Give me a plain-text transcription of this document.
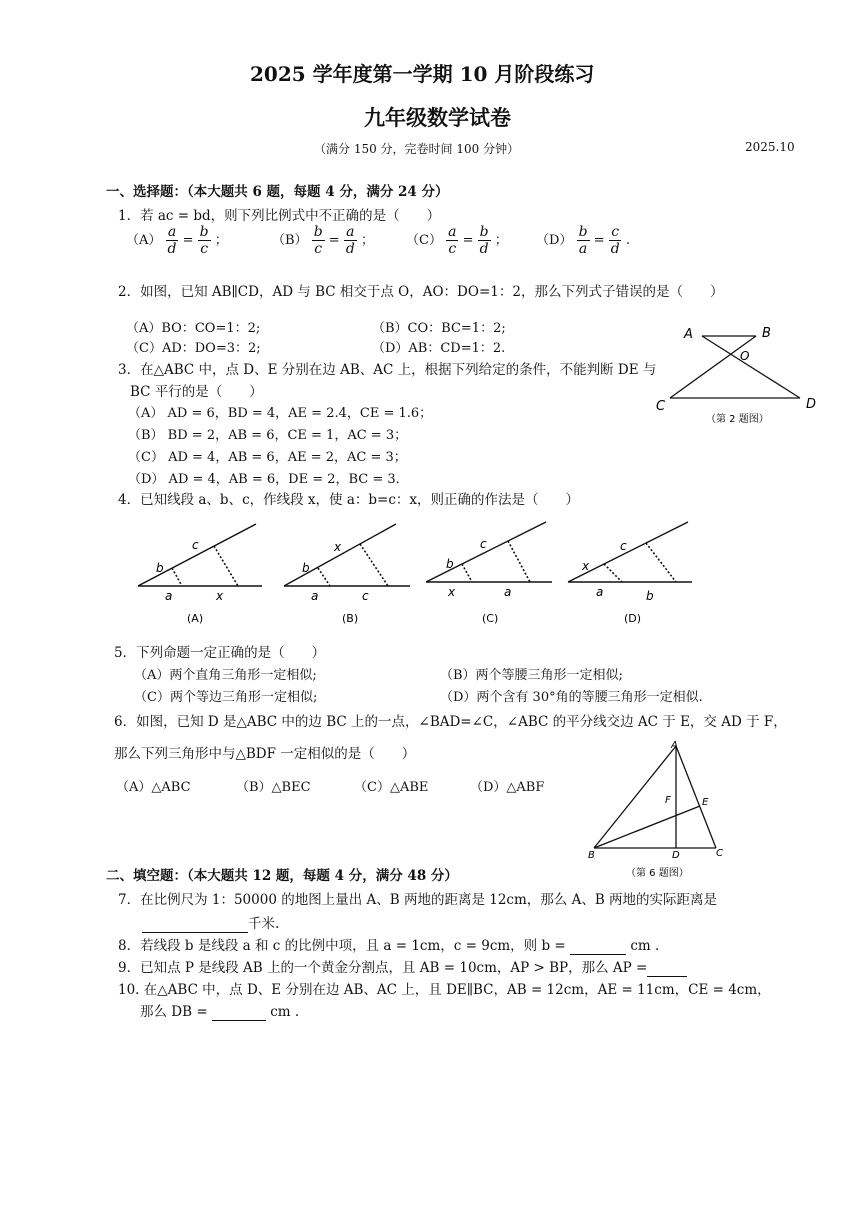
2025 学年度第一学期 10 月阶段练习
九年级数学试卷
（满分 150 分，完卷时间 100 分钟）	2025.10
一、选择题：（本大题共 6 题，每题 4 分，满分 24 分）
1．若 ac = bd，则下列比例式中不正确的是（　　）
$(A) \frac{a}{d} = \frac{b}{c}$ ；	$(B) \frac{b}{c} = \frac{a}{d}$ ； $(C) \frac{a}{c} = \frac{b}{d}$ ； $(D) \frac{b}{a} = \frac{c}{d}$ .
2．如图，已知 AB∥CD，AD 与 BC 相交于点 O，AO：DO=1：2，那么下列式子错误的是（　　）
（A）BO：CO=1：2;	（B）CO：BC=1：2;
（C）AD：DO=3：2;	（D）AB：CD=1：2.
A	B
O
C	D
（第 2 题图）
3．在△ABC 中，点 D、E 分别在边 AB、AC 上，根据下列给定的条件，不能判断 DE 与
BC 平行的是（　　）
（A） AD = 6，BD = 4，AE = 2.4，CE = 1.6；
（B） BD = 2，AB = 6，CE = 1，AC = 3；
（C） AD = 4，AB = 6，AE = 2，AC = 3；
（D） AD = 4，AB = 6，DE = 2，BC = 3．
4．已知线段 a、b、c，作线段 x，使 a：b=c：x，则正确的作法是（　　）
b
c
a	x
(A)
b
x
a	c
(B)
b
c
x	a
(C)
x
c
a	b
(D)
5．下列命题一定正确的是（　　）
（A）两个直角三角形一定相似;	（B）两个等腰三角形一定相似;
（C）两个等边三角形一定相似;	（D）两个含有 30°角的等腰三角形一定相似.
6．如图，已知 D 是△ABC 中的边 BC 上的一点，∠BAD=∠C，∠ABC 的平分线交边 AC 于 E，交 AD 于 F，
那么下列三角形中与△BDF 一定相似的是（　　）
（A）△ABC	（B）△BEC	（C）△ABE	（D）△ABF
A
F	E
B	D	C
（第 6 题图）
二、填空题：（本大题共 12 题，每题 4 分，满分 48 分）
7．在比例尺为 1：50000 的地图上量出 A、B 两地的距离是 12cm，那么 A、B 两地的实际距离是
千米.
8．若线段 b 是线段 a 和 c 的比例中项，且 a = 1cm，c = 9cm，则 b =	cm .
9．已知点 P 是线段 AB 上的一个黄金分割点，且 AB = 10cm，AP > BP，那么 AP =
10. 在△ABC 中，点 D、E 分别在边 AB、AC 上，且 DE∥BC，AB = 12cm，AE = 11cm，CE = 4cm，
那么 DB =	cm .
